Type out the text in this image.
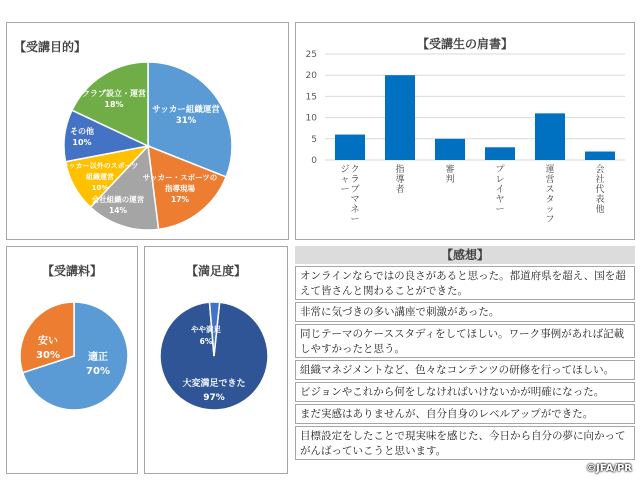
【受講目的】
サッカー組織運営 31%
サッカー・スポーツの指導現場 17%
会社組織の運営 14%
サッカー以外のスポーツ組織運営 10%
その他 10%
クラブ設立・運営 18%
【受講生の肩書】
0
5
10
15
20
25
クラブマネー
ジャー
指導者
審判
プレイヤー
運営スタッフ
会社代表他
【受講料】
適正 70%
安い 30%
【満足度】
大変満足できた 97%
やや満足 6%
【感想】
オンラインならではの良さがあると思った。都道府県を超え、国を超えて皆さんと関わることができた。
非常に気づきの多い講座で刺激があった。
同じテーマのケーススタディをしてほしい。ワーク事例があれば記載しやすかったと思う。
組織マネジメントなど、色々なコンテンツの研修を行ってほしい。
ビジョンやこれから何をしなければいけないかが明確になった。
まだ実感はありませんが、自分自身のレベルアップができた。
目標設定をしたことで現実味を感じた、今日から自分の夢に向かってがんばっていこうと思います。
©JFA/PR
